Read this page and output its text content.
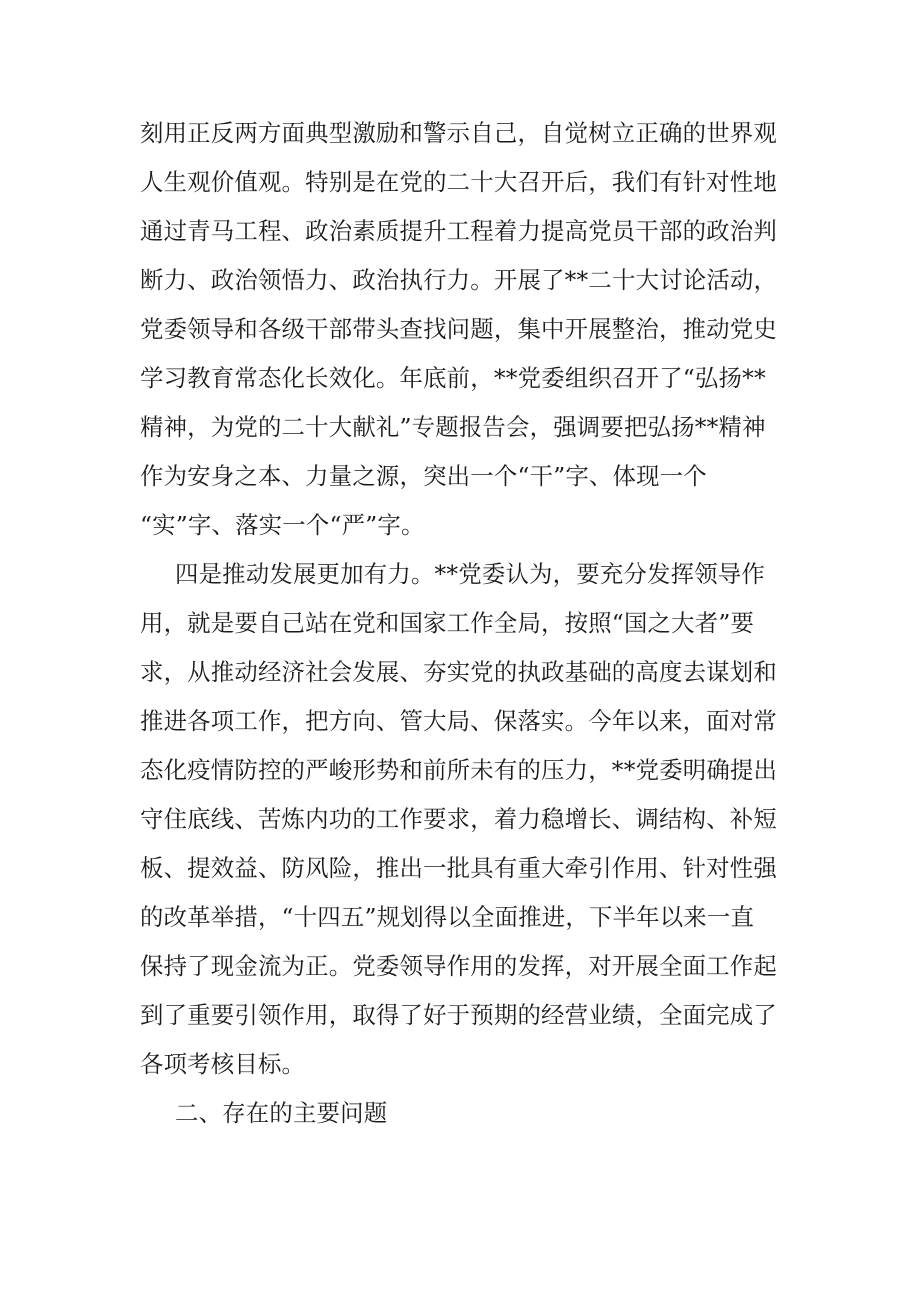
刻用正反两方面典型激励和警示自己，自觉树立正确的世界观
人生观价值观。特别是在党的二十大召开后，我们有针对性地
通过青马工程、政治素质提升工程着力提高党员干部的政治判
断力、政治领悟力、政治执行力。开展了**二十大讨论活动，
党委领导和各级干部带头查找问题，集中开展整治，推动党史
学习教育常态化长效化。年底前，**党委组织召开了“弘扬**
精神，为党的二十大献礼”专题报告会，强调要把弘扬**精神
作为安身之本、力量之源，突出一个“干”字、体现一个
“实”字、落实一个“严”字。
四是推动发展更加有力。**党委认为，要充分发挥领导作
用，就是要自己站在党和国家工作全局，按照“国之大者”要
求，从推动经济社会发展、夯实党的执政基础的高度去谋划和
推进各项工作，把方向、管大局、保落实。今年以来，面对常
态化疫情防控的严峻形势和前所未有的压力，**党委明确提出
守住底线、苦炼内功的工作要求，着力稳增长、调结构、补短
板、提效益、防风险，推出一批具有重大牵引作用、针对性强
的改革举措，“十四五”规划得以全面推进，下半年以来一直
保持了现金流为正。党委领导作用的发挥，对开展全面工作起
到了重要引领作用，取得了好于预期的经营业绩，全面完成了
各项考核目标。
二、存在的主要问题
